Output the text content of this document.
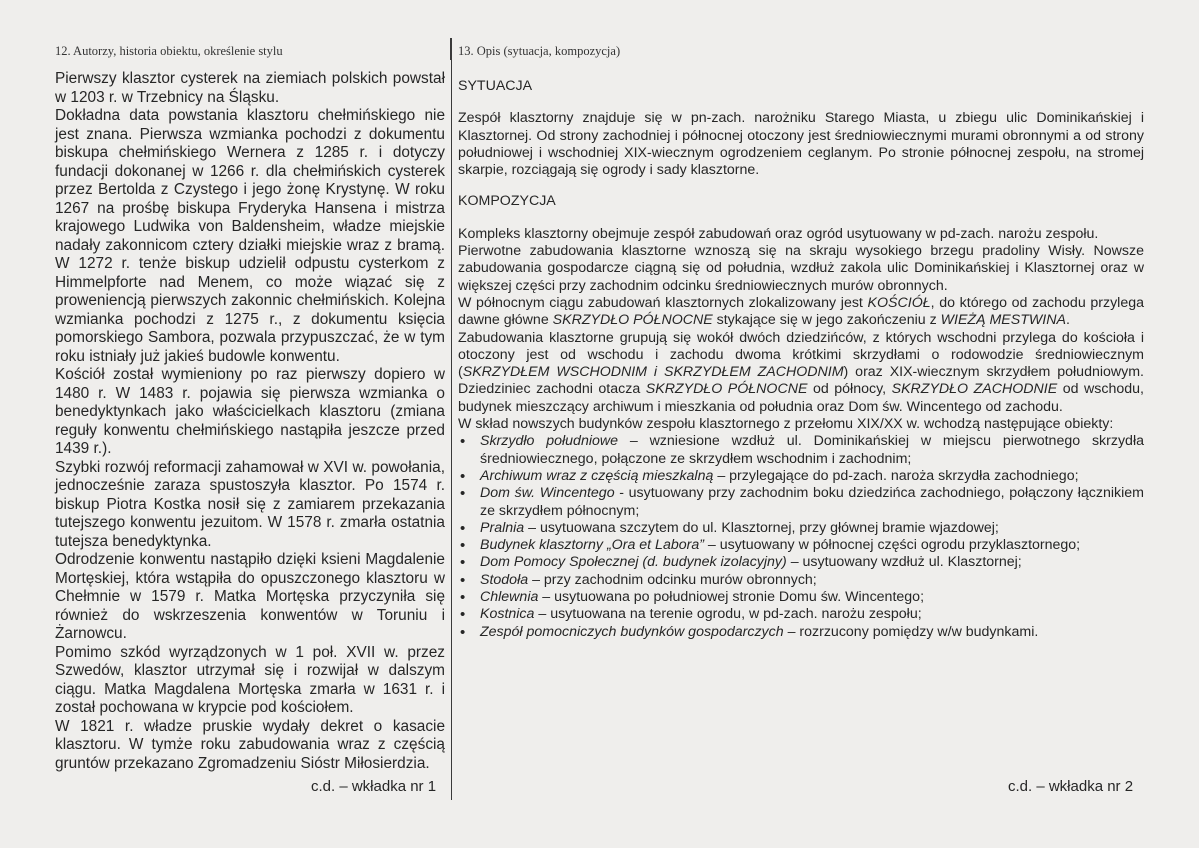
12. Autorzy, historia obiektu, określenie stylu	13. Opis (sytuacja, kompozycja)

Pierwszy klasztor cysterek na ziemiach polskich powstał w 1203 r. w Trzebnicy na Śląsku.

Dokładna data powstania klasztoru chełmińskiego nie jest znana. Pierwsza wzmianka pochodzi z dokumentu biskupa chełmińskiego Wernera z 1285 r. i dotyczy fundacji dokonanej w 1266 r. dla chełmińskich cysterek przez Bertolda z Czystego i jego żonę Krystynę. W roku 1267 na prośbę biskupa Fryderyka Hansena i mistrza krajowego Ludwika von Baldensheim, władze miejskie nadały zakonnicom cztery działki miejskie wraz z bramą. W 1272 r. tenże biskup udzielił odpustu cysterkom z Himmelpforte nad Menem, co może wiązać się z proweniencją pierwszych zakonnic chełmińskich. Kolejna wzmianka pochodzi z 1275 r., z dokumentu księcia pomorskiego Sambora, pozwala przypuszczać, że w tym roku istniały już jakieś budowle konwentu.

Kościół został wymieniony po raz pierwszy dopiero w 1480 r. W 1483 r. pojawia się pierwsza wzmianka o benedyktynkach jako właścicielkach klasztoru (zmiana reguły konwentu chełmińskiego nastąpiła jeszcze przed 1439 r.).

Szybki rozwój reformacji zahamował w XVI w. powołania, jednocześnie zaraza spustoszyła klasztor. Po 1574 r. biskup Piotra Kostka nosił się z zamiarem przekazania tutejszego konwentu jezuitom. W 1578 r. zmarła ostatnia tutejsza benedyktynka.

Odrodzenie konwentu nastąpiło dzięki ksieni Magdalenie Mortęskiej, która wstąpiła do opuszczonego klasztoru w Chełmnie w 1579 r. Matka Mortęska przyczyniła się również do wskrzeszenia konwentów w Toruniu i Żarnowcu.

Pomimo szkód wyrządzonych w 1 poł. XVII w. przez Szwedów, klasztor utrzymał się i rozwijał w dalszym ciągu. Matka Magdalena Mortęska zmarła w 1631 r. i został pochowana w krypcie pod kościołem.

W 1821 r. władze pruskie wydały dekret o kasacie klasztoru. W tymże roku zabudowania wraz z częścią gruntów przekazano Zgromadzeniu Sióstr Miłosierdzia.

SYTUACJA

Zespół klasztorny znajduje się w pn-zach. narożniku Starego Miasta, u zbiegu ulic Dominikańskiej i Klasztornej. Od strony zachodniej i północnej otoczony jest średniowiecznymi murami obronnymi a od strony południowej i wschodniej XIX-wiecznym ogrodzeniem ceglanym. Po stronie północnej zespołu, na stromej skarpie, rozciągają się ogrody i sady klasztorne.

KOMPOZYCJA

Kompleks klasztorny obejmuje zespół zabudowań oraz ogród usytuowany w pd-zach. narożu zespołu.

Pierwotne zabudowania klasztorne wznoszą się na skraju wysokiego brzegu pradoliny Wisły. Nowsze zabudowania gospodarcze ciągną się od południa, wzdłuż zakola ulic Dominikańskiej i Klasztornej oraz w większej części przy zachodnim odcinku średniowiecznych murów obronnych.

W północnym ciągu zabudowań klasztornych zlokalizowany jest KOŚCIÓŁ, do którego od zachodu przylega dawne główne SKRZYDŁO PÓŁNOCNE stykające się w jego zakończeniu z WIEŻĄ MESTWINA.

Zabudowania klasztorne grupują się wokół dwóch dziedzińców, z których wschodni przylega do kościoła i otoczony jest od wschodu i zachodu dwoma krótkimi skrzydłami o rodowodzie średniowiecznym (SKRZYDŁEM WSCHODNIM i SKRZYDŁEM ZACHODNIM) oraz XIX-wiecznym skrzydłem południowym. Dziedziniec zachodni otacza SKRZYDŁO PÓŁNOCNE od północy, SKRZYDŁO ZACHODNIE od wschodu, budynek mieszczący archiwum i mieszkania od południa oraz Dom św. Wincentego od zachodu.

W skład nowszych budynków zespołu klasztornego z przełomu XIX/XX w. wchodzą następujące obiekty:

• Skrzydło południowe – wzniesione wzdłuż ul. Dominikańskiej w miejscu pierwotnego skrzydła średniowiecznego, połączone ze skrzydłem wschodnim i zachodnim;
• Archiwum wraz z częścią mieszkalną – przylegające do pd-zach. naroża skrzydła zachodniego;
• Dom św. Wincentego - usytuowany przy zachodnim boku dziedzińca zachodniego, połączony łącznikiem ze skrzydłem północnym;
• Pralnia – usytuowana szczytem do ul. Klasztornej, przy głównej bramie wjazdowej;
• Budynek klasztorny „Ora et Labora” – usytuowany w północnej części ogrodu przyklasztornego;
• Dom Pomocy Społecznej (d. budynek izolacyjny) – usytuowany wzdłuż ul. Klasztornej;
• Stodoła – przy zachodnim odcinku murów obronnych;
• Chlewnia – usytuowana po południowej stronie Domu św. Wincentego;
• Kostnica – usytuowana na terenie ogrodu, w pd-zach. narożu zespołu;
• Zespół pomocniczych budynków gospodarczych – rozrzucony pomiędzy w/w budynkami.
c.d. – wkładka nr 1	c.d. – wkładka nr 2
